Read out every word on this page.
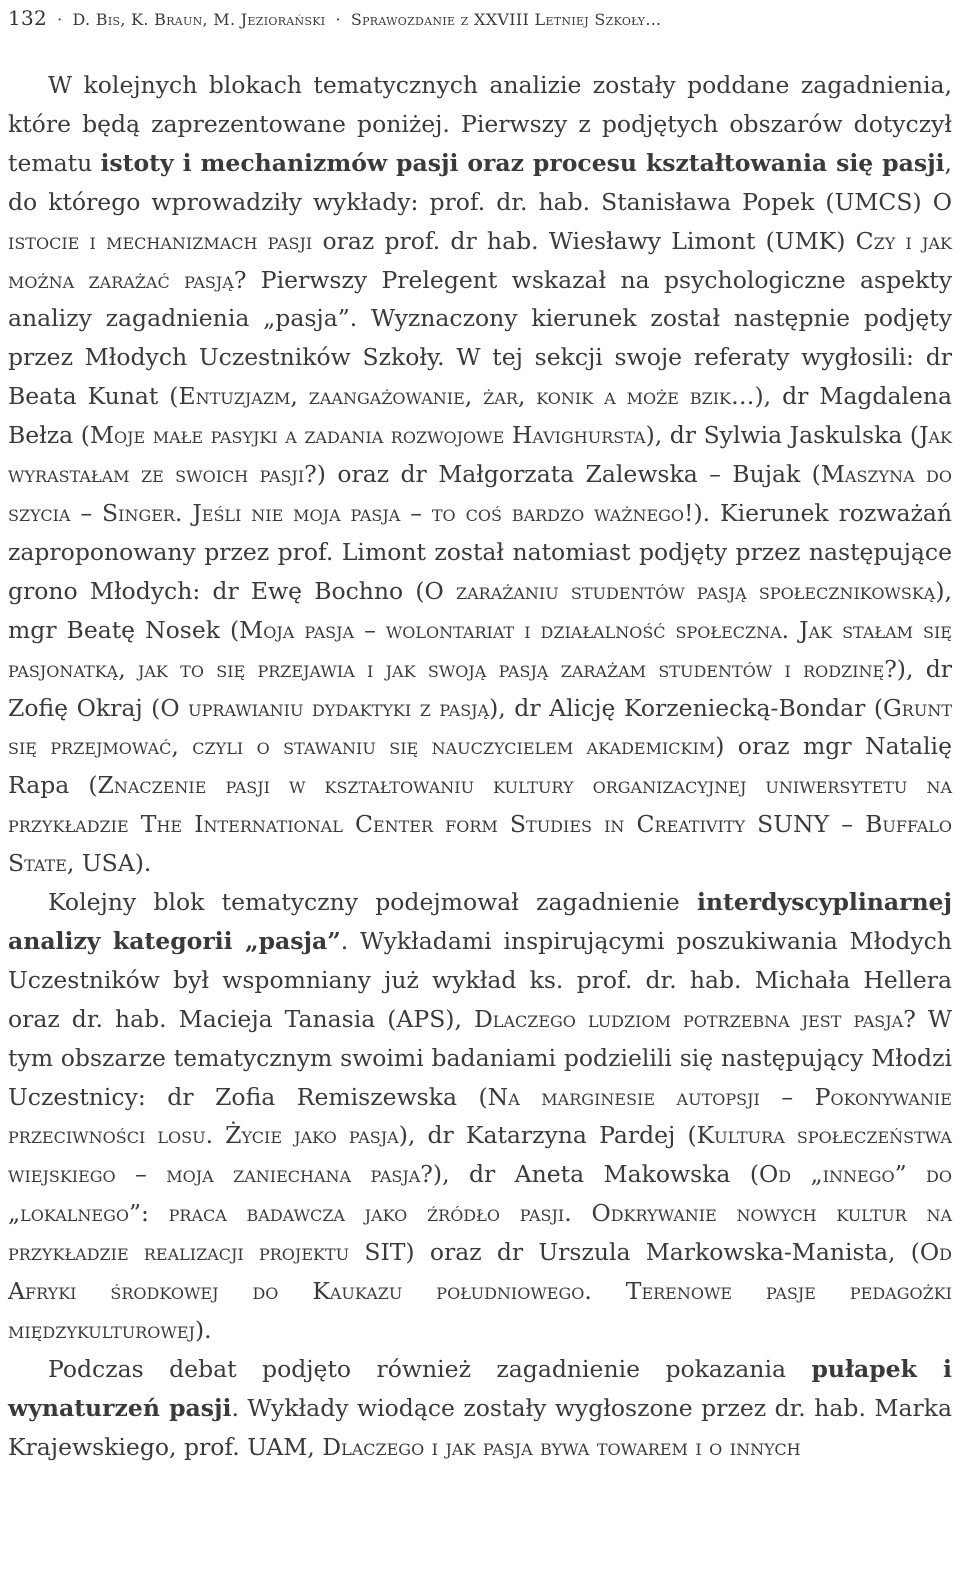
132 · D. Bis, K. Braun, M. Jeziorański · Sprawozdanie z XXVIII Letniej Szkoły…

W kolejnych blokach tematycznych analizie zostały poddane zagadnienia, które będą zaprezentowane poniżej. Pierwszy z podjętych obszarów dotyczył tematu istoty i mechanizmów pasji oraz procesu kształtowania się pasji, do którego wprowadziły wykłady: prof. dr. hab. Stanisława Popek (UMCS) O istocie i mechanizmach pasji oraz prof. dr hab. Wiesławy Limont (UMK) Czy i jak można zarażać pasją? Pierwszy Prelegent wskazał na psychologiczne aspekty analizy zagadnienia „pasja”. Wyznaczony kierunek został następnie podjęty przez Młodych Uczestników Szkoły. W tej sekcji swoje referaty wygłosili: dr Beata Kunat (Entuzjazm, zaangażowanie, żar, konik a może bzik…), dr Magdalena Bełza (Moje małe pasyjki a zadania rozwojowe Havighursta), dr Sylwia Jaskulska (Jak wyrastałam ze swoich pasji?) oraz dr Małgorzata Zalewska – Bujak (Maszyna do szycia – Singer. Jeśli nie moja pasja – to coś bardzo ważnego!). Kierunek rozważań zaproponowany przez prof. Limont został natomiast podjęty przez następujące grono Młodych: dr Ewę Bochno (O zarażaniu studentów pasją społecznikowską), mgr Beatę Nosek (Moja pasja – wolontariat i działalność społeczna. Jak stałam się pasjonatką, jak to się przejawia i jak swoją pasją zarażam studentów i rodzinę?), dr Zofię Okraj (O uprawianiu dydaktyki z pasją), dr Alicję Korzeniecką-Bondar (Grunt się przejmować, czyli o stawaniu się nauczycielem akademickim) oraz mgr Natalię Rapa (Znaczenie pasji w kształtowaniu kultury organizacyjnej uniwersytetu na przykładzie The International Center form Studies in Creativity SUNY – Buffalo State, USA).

Kolejny blok tematyczny podejmował zagadnienie interdyscyplinarnej analizy kategorii „pasja”. Wykładami inspirującymi poszukiwania Młodych Uczestników był wspomniany już wykład ks. prof. dr. hab. Michała Hellera oraz dr. hab. Macieja Tanasia (APS), Dlaczego ludziom potrzebna jest pasja? W tym obszarze tematycznym swoimi badaniami podzielili się następujący Młodzi Uczestnicy: dr Zofia Remiszewska (Na marginesie autopsji – Pokonywanie przeciwności losu. Życie jako pasja), dr Katarzyna Pardej (Kultura społeczeństwa wiejskiego – moja zaniechana pasja?), dr Aneta Makowska (Od „innego” do „lokalnego”: praca badawcza jako źródło pasji. Odkrywanie nowych kultur na przykładzie realizacji projektu SIT) oraz dr Urszula Markowska-Manista, (Od Afryki środkowej do Kaukazu południowego. Terenowe pasje pedagożki międzykulturowej).

Podczas debat podjęto również zagadnienie pokazania pułapek i wynaturzeń pasji. Wykłady wiodące zostały wygłoszone przez dr. hab. Marka Krajewskiego, prof. UAM, Dlaczego i jak pasja bywa towarem i o innych
